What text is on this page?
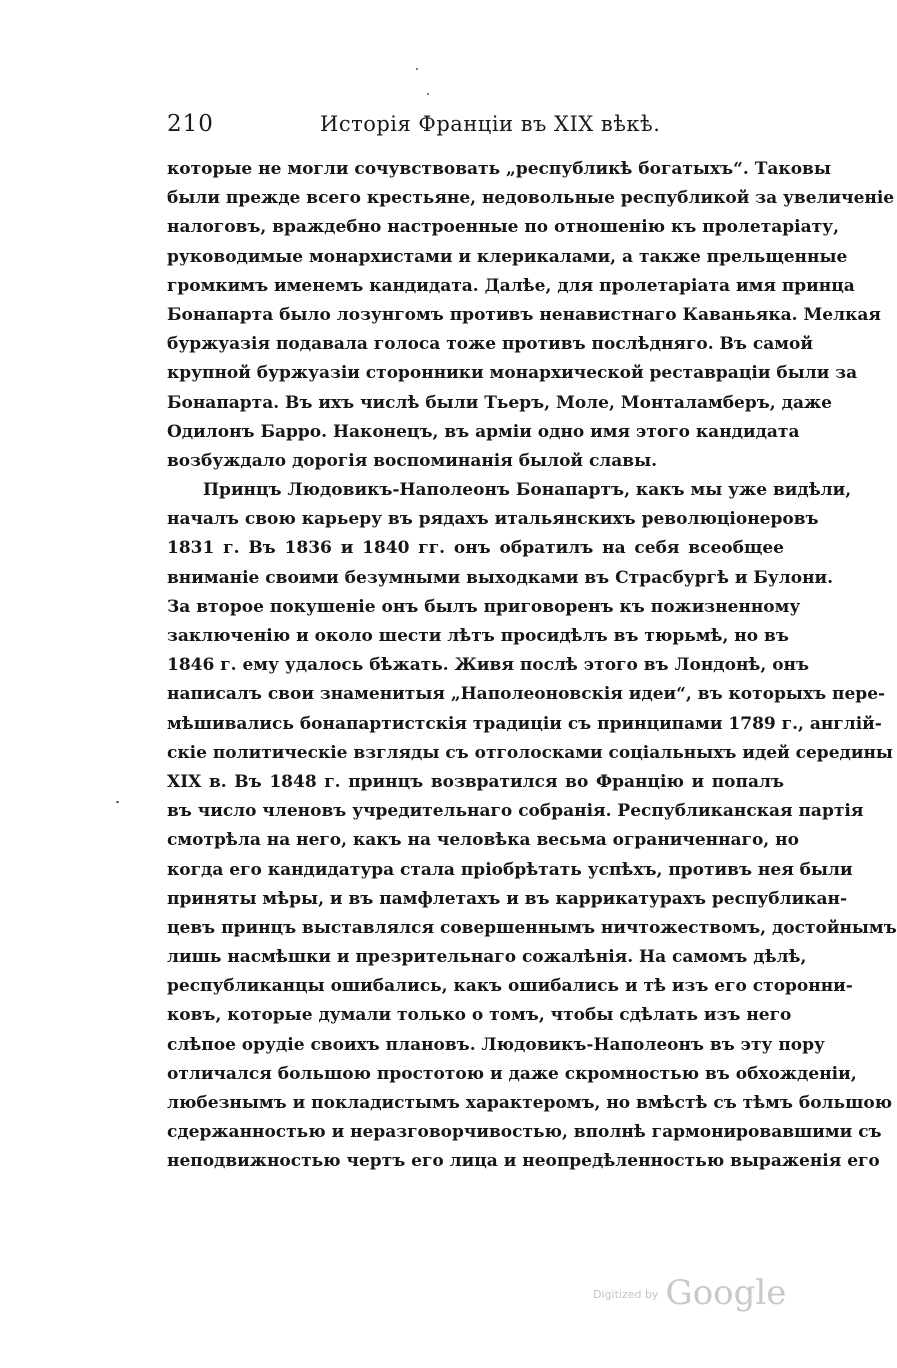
210	Исторія Франціи въ XIX вѣкѣ.
которые не могли сочувствовать „республикѣ богатыхъ“. Таковы
были прежде всего крестьяне, недовольные республикой за увеличеніе
налоговъ, враждебно настроенные по отношенію къ пролетаріату,
руководимые монархистами и клерикалами, а также прельщенные
громкимъ именемъ кандидата. Далѣе, для пролетаріата имя принца
Бонапарта было лозунгомъ противъ ненавистнаго Каваньяка. Мелкая
буржуазія подавала голоса тоже противъ послѣдняго. Въ самой
крупной буржуазіи сторонники монархической реставраціи были за
Бонапарта. Въ ихъ числѣ были Тьеръ, Моле, Монталамберъ, даже
Одилонъ Барро. Наконецъ, въ арміи одно имя этого кандидата
возбуждало дорогія воспоминанія былой славы.
Принцъ Людовикъ-Наполеонъ Бонапартъ, какъ мы уже видѣли,
началъ свою карьеру въ рядахъ итальянскихъ революціонеровъ
1831 г. Въ 1836 и 1840 гг. онъ обратилъ на себя всеобщее
вниманіе своими безумными выходками въ Страсбургѣ и Булони.
За второе покушеніе онъ былъ приговоренъ къ пожизненному
заключенію и около шести лѣтъ просидѣлъ въ тюрьмѣ, но въ
1846 г. ему удалось бѣжать. Живя послѣ этого въ Лондонѣ, онъ
написалъ свои знаменитыя „Наполеоновскія идеи“, въ которыхъ пере-
мѣшивались бонапартистскія традиціи съ принципами 1789 г., англій-
скіе политическіе взгляды съ отголосками соціальныхъ идей середины
XIX в. Въ 1848 г. принцъ возвратился во Францію и попалъ
въ число членовъ учредительнаго собранія. Республиканская партія
смотрѣла на него, какъ на человѣка весьма ограниченнаго, но
когда его кандидатура стала пріобрѣтать успѣхъ, противъ нея были
приняты мѣры, и въ памфлетахъ и въ каррикатурахъ республикан-
цевъ принцъ выставлялся совершеннымъ ничтожествомъ, достойнымъ
лишь насмѣшки и презрительнаго сожалѣнія. На самомъ дѣлѣ,
республиканцы ошибались, какъ ошибались и тѣ изъ его сторонни-
ковъ, которые думали только о томъ, чтобы сдѣлать изъ него
слѣпое орудіе своихъ плановъ. Людовикъ-Наполеонъ въ эту пору
отличался большою простотою и даже скромностью въ обхожденіи,
любезнымъ и покладистымъ характеромъ, но вмѣстѣ съ тѣмъ большою
сдержанностью и неразговорчивостью, вполнѣ гармонировавшими съ
неподвижностью чертъ его лица и неопредѣленностью выраженія его
$^{Digitized by}$ Google
